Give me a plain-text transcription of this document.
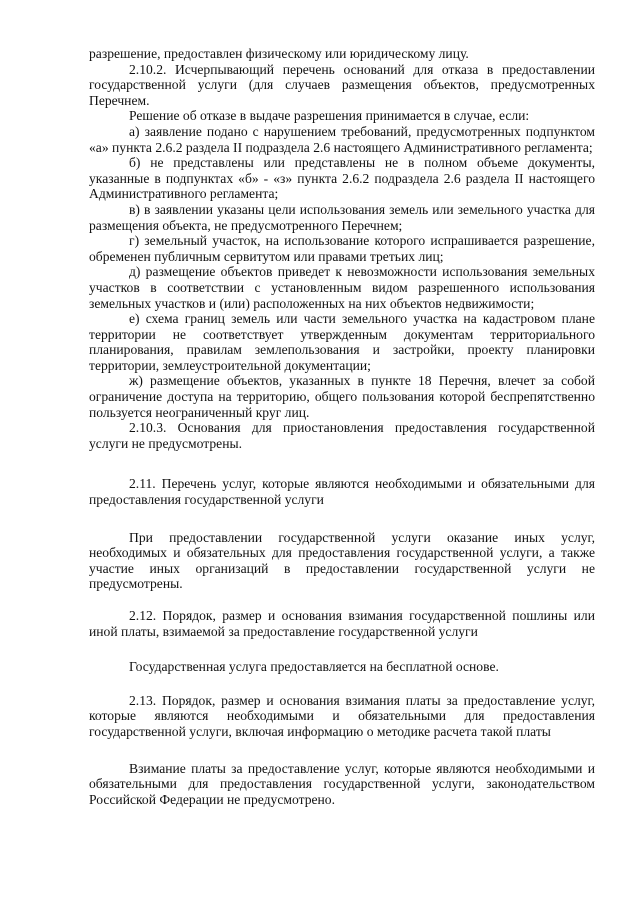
разрешение, предоставлен физическому или юридическому лицу.

2.10.2. Исчерпывающий перечень оснований для отказа в предоставлении государственной услуги (для случаев размещения объектов, предусмотренных Перечнем.

Решение об отказе в выдаче разрешения принимается в случае, если:

а) заявление подано с нарушением требований, предусмотренных подпунктом «а» пункта 2.6.2 раздела II подраздела 2.6 настоящего Административного регламента;

б) не представлены или представлены не в полном объеме документы, указанные в подпунктах «б» - «з» пункта 2.6.2 подраздела 2.6 раздела II настоящего Административного регламента;

в) в заявлении указаны цели использования земель или земельного участка для размещения объекта, не предусмотренного Перечнем;

г) земельный участок, на использование которого испрашивается разрешение, обременен публичным сервитутом или правами третьих лиц;

д) размещение объектов приведет к невозможности использования земельных участков в соответствии с установленным видом разрешенного использования земельных участков и (или) расположенных на них объектов недвижимости;

е) схема границ земель или части земельного участка на кадастровом плане территории не соответствует утвержденным документам территориального планирования, правилам землепользования и застройки, проекту планировки территории, землеустроительной документации;

ж) размещение объектов, указанных в пункте 18 Перечня, влечет за собой ограничение доступа на территорию, общего пользования которой беспрепятственно пользуется неограниченный круг лиц.

2.10.3. Основания для приостановления предоставления государственной услуги не предусмотрены.

2.11. Перечень услуг, которые являются необходимыми и обязательными для предоставления государственной услуги

При предоставлении государственной услуги оказание иных услуг, необходимых и обязательных для предоставления государственной услуги, а также участие иных организаций в предоставлении государственной услуги не предусмотрены.

2.12. Порядок, размер и основания взимания государственной пошлины или иной платы, взимаемой за предоставление государственной услуги

Государственная услуга предоставляется на бесплатной основе.

2.13. Порядок, размер и основания взимания платы за предоставление услуг, которые являются необходимыми и обязательными для предоставления государственной услуги, включая информацию о методике расчета такой платы

Взимание платы за предоставление услуг, которые являются необходимыми и обязательными для предоставления государственной услуги, законодательством Российской Федерации не предусмотрено.
